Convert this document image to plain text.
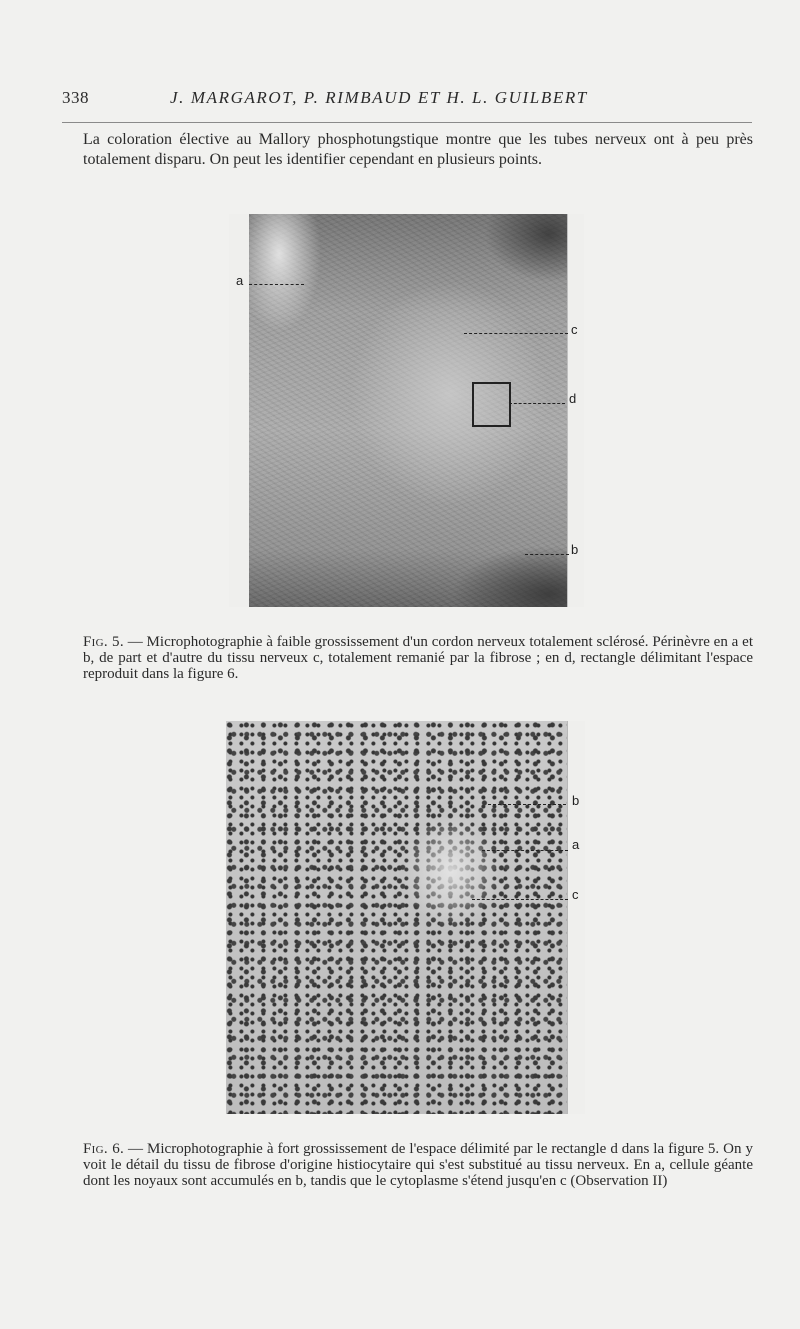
338	J. MARGAROT, P. RIMBAUD ET H. L. GUILBERT

La coloration élective au Mallory phosphotungstique montre que les tubes nerveux ont à peu près totalement disparu. On peut les identifier cependant en plusieurs points.

a
c
d
b

Fig. 5. — Microphotographie à faible grossissement d'un cordon nerveux totalement sclérosé. Périnèvre en a et b, de part et d'autre du tissu nerveux c, totalement remanié par la fibrose ; en d, rectangle délimitant l'espace reproduit dans la figure 6.

b
a
c

Fig. 6. — Microphotographie à fort grossissement de l'espace délimité par le rectangle d dans la figure 5. On y voit le détail du tissu de fibrose d'origine histiocytaire qui s'est substitué au tissu nerveux. En a, cellule géante dont les noyaux sont accumulés en b, tandis que le cytoplasme s'étend jusqu'en c (Observation II)
